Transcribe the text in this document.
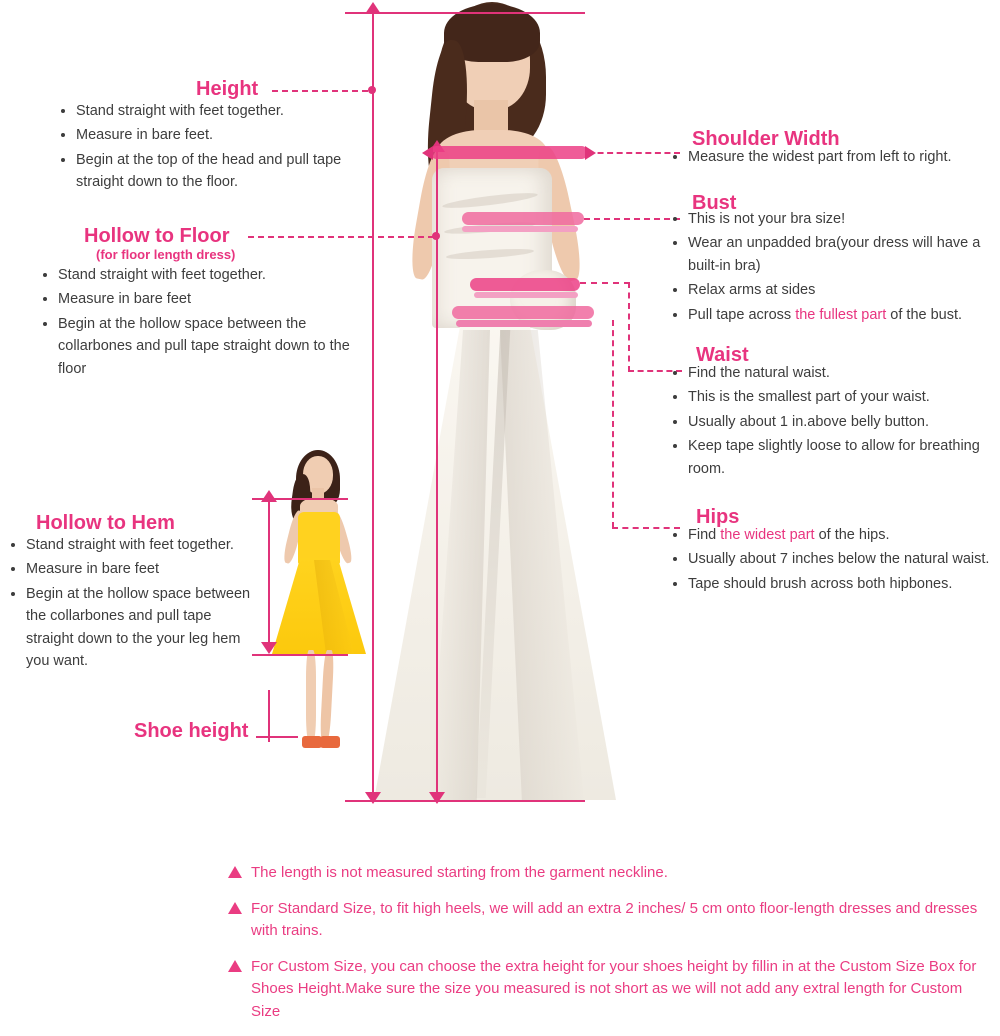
Height
• Stand straight with feet together.
• Measure in bare feet.
• Begin at the top of the head and pull tape straight down to the floor.
Hollow to Floor
(for floor length dress)
• Stand straight with feet together.
• Measure in bare feet
• Begin at the hollow space between the collarbones and pull tape straight down to the floor
Hollow to Hem
• Stand straight with feet together.
• Measure in bare feet
• Begin at the hollow space between the collarbones and pull tape straight down to the your leg hem you want.
Shoe height
Shoulder Width
• Measure the widest part from left to right.
Bust
• This is not your bra size!
• Wear an unpadded bra(your dress will have a built-in bra)
• Relax arms at sides
• Pull tape across the fullest part of the bust.
Waist
• Find the natural waist.
• This is the smallest part of your waist.
• Usually about 1 in.above belly button.
• Keep tape slightly loose to allow for breathing room.
Hips
• Find the widest part of the hips.
• Usually about 7 inches below the natural waist.
• Tape should brush across both hipbones.
The length is not measured starting from the garment neckline.
For Standard Size, to fit high heels, we will add an extra 2 inches/ 5 cm onto floor-length dresses and dresses with trains.
For Custom Size, you can choose the extra height for your shoes height by fillin in at the Custom Size Box for Shoes Height.Make sure the size you measured is not short as we will not add any extral length for Custom Size
